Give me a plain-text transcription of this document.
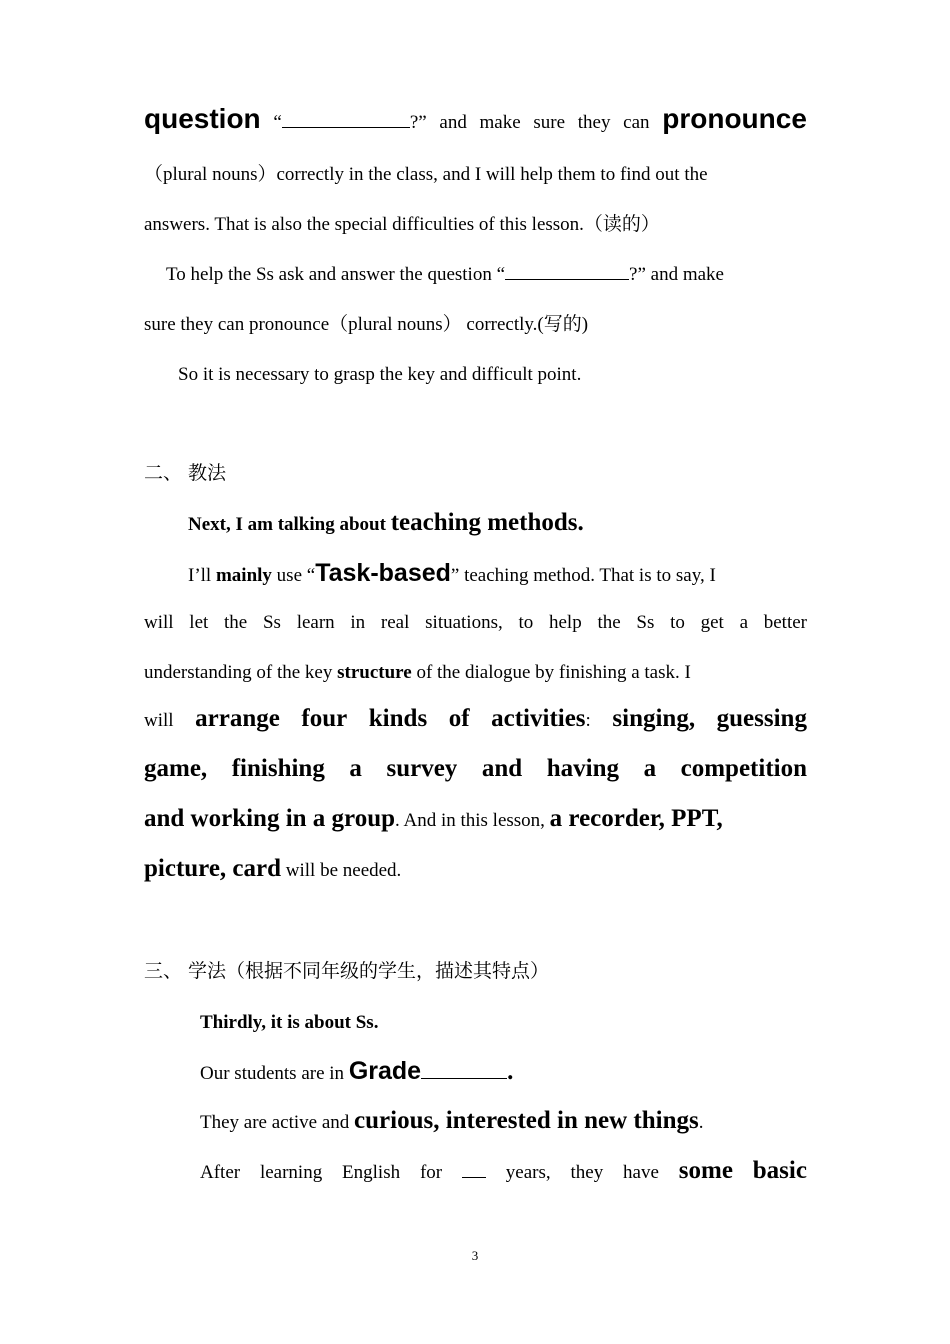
question “	?” and make sure they can pronounce
（plural nouns）correctly in the class, and I will help them to find out the
answers. That is also the special difficulties of this lesson.（读的）
To help the Ss ask and answer the question “	?” and make
sure they can pronounce（plural nouns） correctly.(写的)
So it is necessary to grasp the key and difficult point.
二、 教法
Next, I am talking about teaching methods.
I’ll mainly use “Task-based” teaching method. That is to say, I
will let the Ss learn in real situations, to help the Ss to get a better
understanding of the key structure of the dialogue by finishing a task. I
will arrange four kinds of activities: singing, guessing
game, finishing a survey and having a competition
and working in a group. And in this lesson, a recorder, PPT,
picture, card will be needed.
三、 学法（根据不同年级的学生，描述其特点）
Thirdly, it is about Ss.
Our students are in Grade	.
They are active and curious, interested in new things.
After learning English for	years, they have some basic
3
